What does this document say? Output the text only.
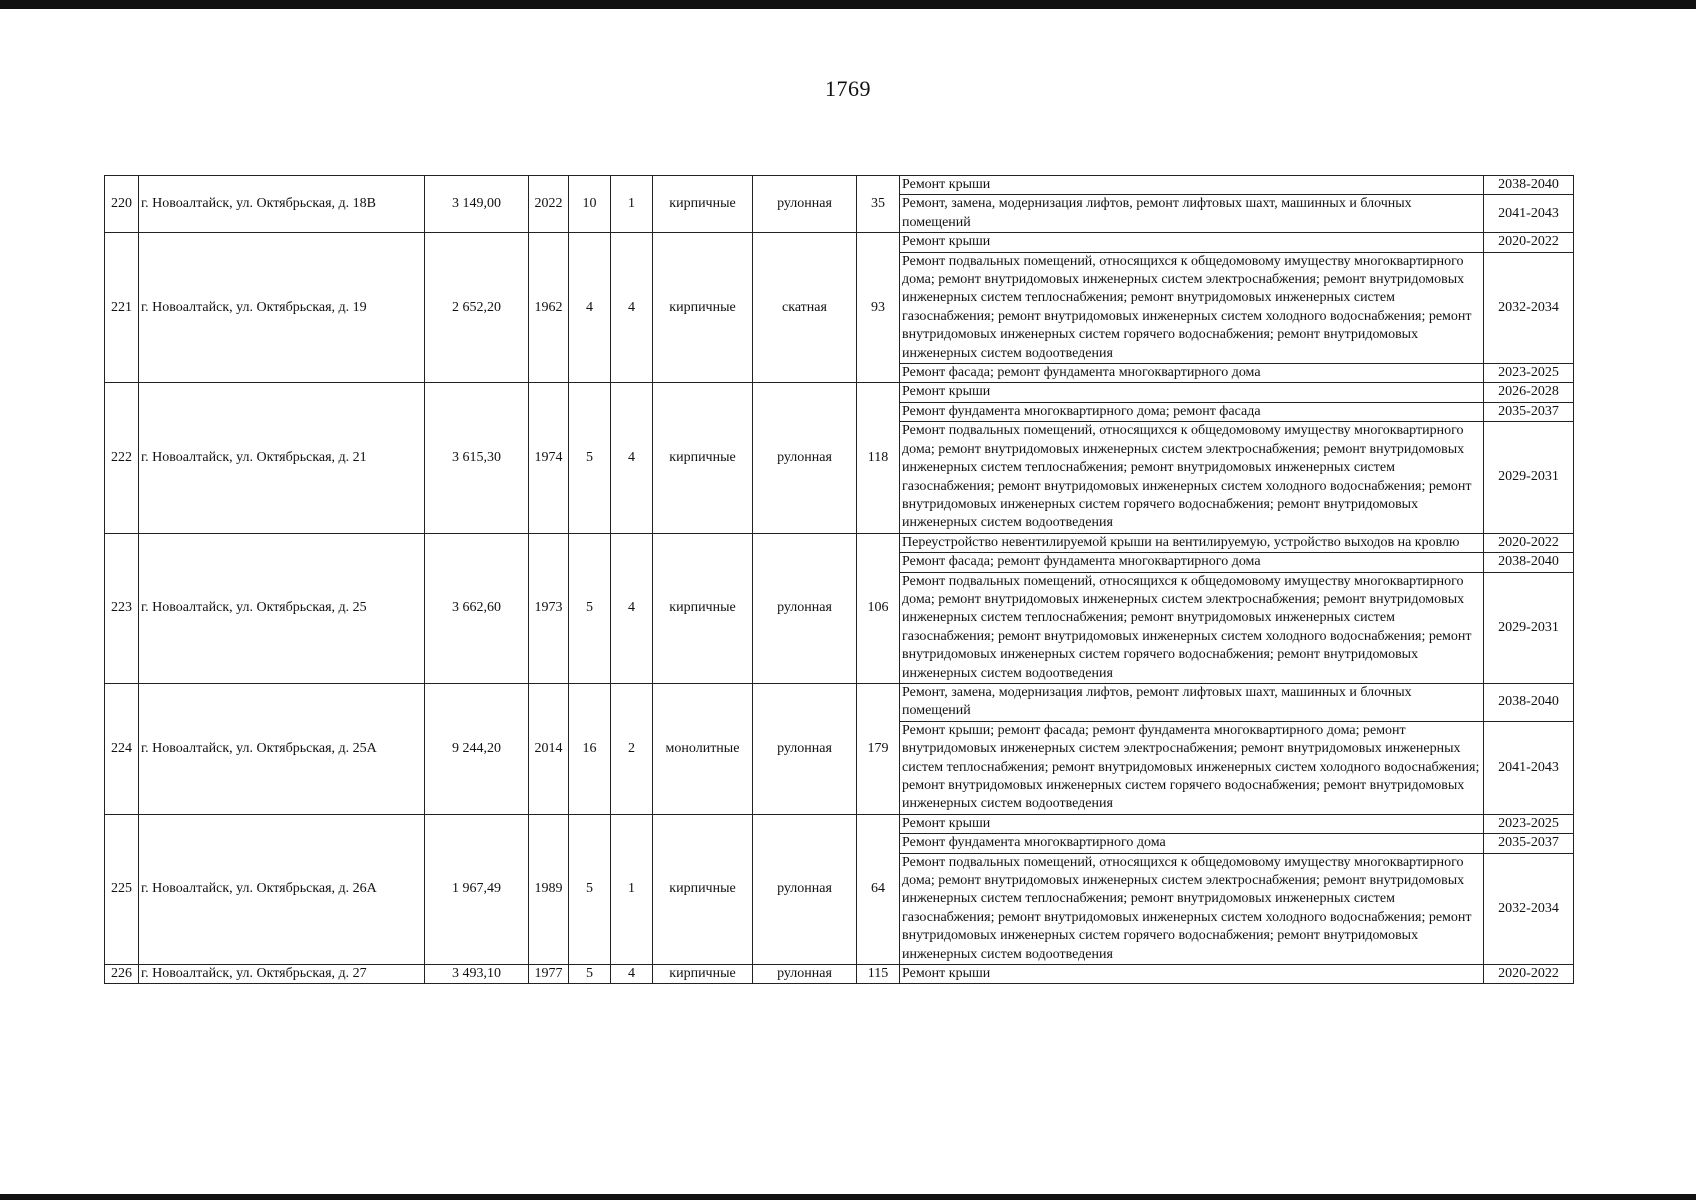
1769
220	г. Новоалтайск, ул. Октябрьская, д. 18В	3 149,00	2022	10	1	кирпичные	рулонная	35	Ремонт крыши	2038-2040
									Ремонт, замена, модернизация лифтов, ремонт лифтовых шахт, машинных и блочных помещений	2041-2043
221	г. Новоалтайск, ул. Октябрьская, д. 19	2 652,20	1962	4	4	кирпичные	скатная	93	Ремонт крыши	2020-2022
									Ремонт подвальных помещений, относящихся к общедомовому имуществу многоквартирного дома; ремонт внутридомовых инженерных систем электроснабжения; ремонт внутридомовых инженерных систем теплоснабжения; ремонт внутридомовых инженерных систем газоснабжения; ремонт внутридомовых инженерных систем холодного водоснабжения; ремонт внутридомовых инженерных систем горячего водоснабжения; ремонт внутридомовых инженерных систем водоотведения	2032-2034
									Ремонт фасада; ремонт фундамента многоквартирного дома	2023-2025
222	г. Новоалтайск, ул. Октябрьская, д. 21	3 615,30	1974	5	4	кирпичные	рулонная	118	Ремонт крыши	2026-2028
									Ремонт фундамента многоквартирного дома; ремонт фасада	2035-2037
									Ремонт подвальных помещений, относящихся к общедомовому имуществу многоквартирного дома; ремонт внутридомовых инженерных систем электроснабжения; ремонт внутридомовых инженерных систем теплоснабжения; ремонт внутридомовых инженерных систем газоснабжения; ремонт внутридомовых инженерных систем холодного водоснабжения; ремонт внутридомовых инженерных систем горячего водоснабжения; ремонт внутридомовых инженерных систем водоотведения	2029-2031
223	г. Новоалтайск, ул. Октябрьская, д. 25	3 662,60	1973	5	4	кирпичные	рулонная	106	Переустройство невентилируемой крыши на вентилируемую, устройство выходов на кровлю	2020-2022
									Ремонт фасада; ремонт фундамента многоквартирного дома	2038-2040
									Ремонт подвальных помещений, относящихся к общедомовому имуществу многоквартирного дома; ремонт внутридомовых инженерных систем электроснабжения; ремонт внутридомовых инженерных систем теплоснабжения; ремонт внутридомовых инженерных систем газоснабжения; ремонт внутридомовых инженерных систем холодного водоснабжения; ремонт внутридомовых инженерных систем горячего водоснабжения; ремонт внутридомовых инженерных систем водоотведения	2029-2031
224	г. Новоалтайск, ул. Октябрьская, д. 25А	9 244,20	2014	16	2	монолитные	рулонная	179	Ремонт, замена, модернизация лифтов, ремонт лифтовых шахт, машинных и блочных помещений	2038-2040
									Ремонт крыши; ремонт фасада; ремонт фундамента многоквартирного дома; ремонт внутридомовых инженерных систем электроснабжения; ремонт внутридомовых инженерных систем теплоснабжения; ремонт внутридомовых инженерных систем холодного водоснабжения; ремонт внутридомовых инженерных систем горячего водоснабжения; ремонт внутридомовых инженерных систем водоотведения	2041-2043
225	г. Новоалтайск, ул. Октябрьская, д. 26А	1 967,49	1989	5	1	кирпичные	рулонная	64	Ремонт крыши	2023-2025
									Ремонт фундамента многоквартирного дома	2035-2037
									Ремонт подвальных помещений, относящихся к общедомовому имуществу многоквартирного дома; ремонт внутридомовых инженерных систем электроснабжения; ремонт внутридомовых инженерных систем теплоснабжения; ремонт внутридомовых инженерных систем газоснабжения; ремонт внутридомовых инженерных систем холодного водоснабжения; ремонт внутридомовых инженерных систем горячего водоснабжения; ремонт внутридомовых инженерных систем водоотведения	2032-2034
226	г. Новоалтайск, ул. Октябрьская, д. 27	3 493,10	1977	5	4	кирпичные	рулонная	115	Ремонт крыши	2020-2022
